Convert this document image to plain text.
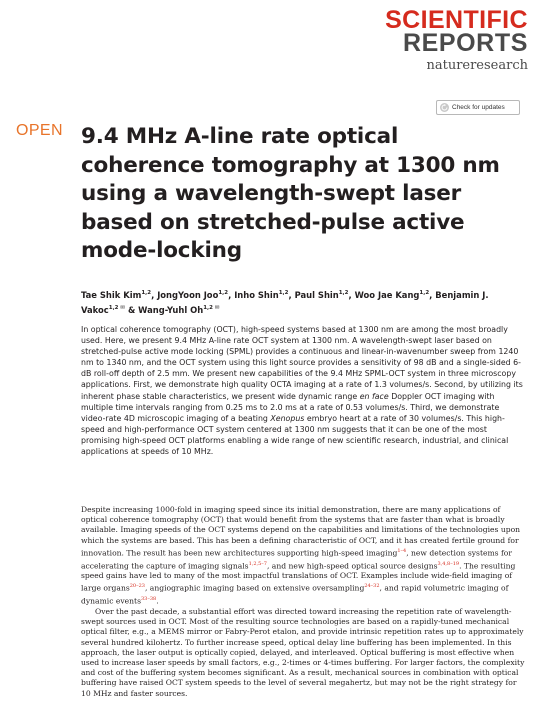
SCIENTIFIC
REPORTS
natureresearch
Check for updates
OPEN 9.4 MHz A-line rate optical coherence tomography at 1300 nm using a wavelength-swept laser based on stretched-pulse active mode-locking
Tae Shik Kim$^{1,2}$, JongYoon Joo$^{1,2}$, Inho Shin$^{1,2}$, Paul Shin$^{1,2}$, Woo Jae Kang$^{1,2}$, Benjamin J. Vakoc$^{1,2 ✉}$ & Wang-Yuhl $Oh^{1,2 ✉}$

In optical coherence tomography (OCT), high-speed systems based at 1300 nm are among the most broadly used. Here, we present 9.4 MHz A-line rate OCT system at 1300 nm. A wavelength-swept laser based on stretched-pulse active mode locking (SPML) provides a continuous and linear-in-wavenumber sweep from 1240 nm to 1340 nm, and the OCT system using this light source provides a sensitivity of 98 dB and a single-sided 6-dB roll-off depth of 2.5 mm. We present new capabilities of the 9.4 MHz SPML-OCT system in three microscopy applications. First, we demonstrate high quality OCTA imaging at a rate of 1.3 volumes/s. Second, by utilizing its inherent phase stable characteristics, we present wide dynamic range en face Doppler OCT imaging with multiple time intervals ranging from 0.25 ms to 2.0 ms at a rate of 0.53 volumes/s. Third, we demonstrate video-rate 4D microscopic imaging of a beating Xenopus embryo heart at a rate of 30 volumes/s. This high-speed and high-performance OCT system centered at 1300 nm suggests that it can be one of the most promising high-speed OCT platforms enabling a wide range of new scientific research, industrial, and clinical applications at speeds of 10 MHz.

Despite increasing 1000-fold in imaging speed since its initial demonstration, there are many applications of optical coherence tomography (OCT) that would benefit from the systems that are faster than what is broadly available. Imaging speeds of the OCT systems depend on the capabilities and limitations of the technologies upon which the systems are based. This has been a defining characteristic of OCT, and it has created fertile ground for innovation. The result has been new architectures supporting high-speed imaging$^{1-4}$, new detection systems for accelerating the capture of imaging signals$^{1,2,5-7}$, and new high-speed optical source designs$^{3,4,8-19}$. The resulting speed gains have led to many of the most impactful translations of OCT. Examples include wide-field imaging of large organs$^{20-23}$, angiographic imaging based on extensive oversampling$^{24-32}$, and rapid volumetric imaging of dynamic events$^{33-38}$.

Over the past decade, a substantial effort was directed toward increasing the repetition rate of wavelength-swept sources used in OCT. Most of the resulting source technologies are based on a rapidly-tuned mechanical optical filter, e.g., a MEMS mirror or Fabry-Perot etalon, and provide intrinsic repetition rates up to approximately several hundred kilohertz. To further increase speed, optical delay line buffering has been implemented. In this approach, the laser output is optically copied, delayed, and interleaved. Optical buffering is most effective when used to increase laser speeds by small factors, e.g., 2-times or 4-times buffering. For larger factors, the complexity and cost of the buffering system becomes significant. As a result, mechanical sources in combination with optical buffering have raised OCT system speeds to the level of several megahertz, but may not be the right strategy for 10 MHz and faster sources.
